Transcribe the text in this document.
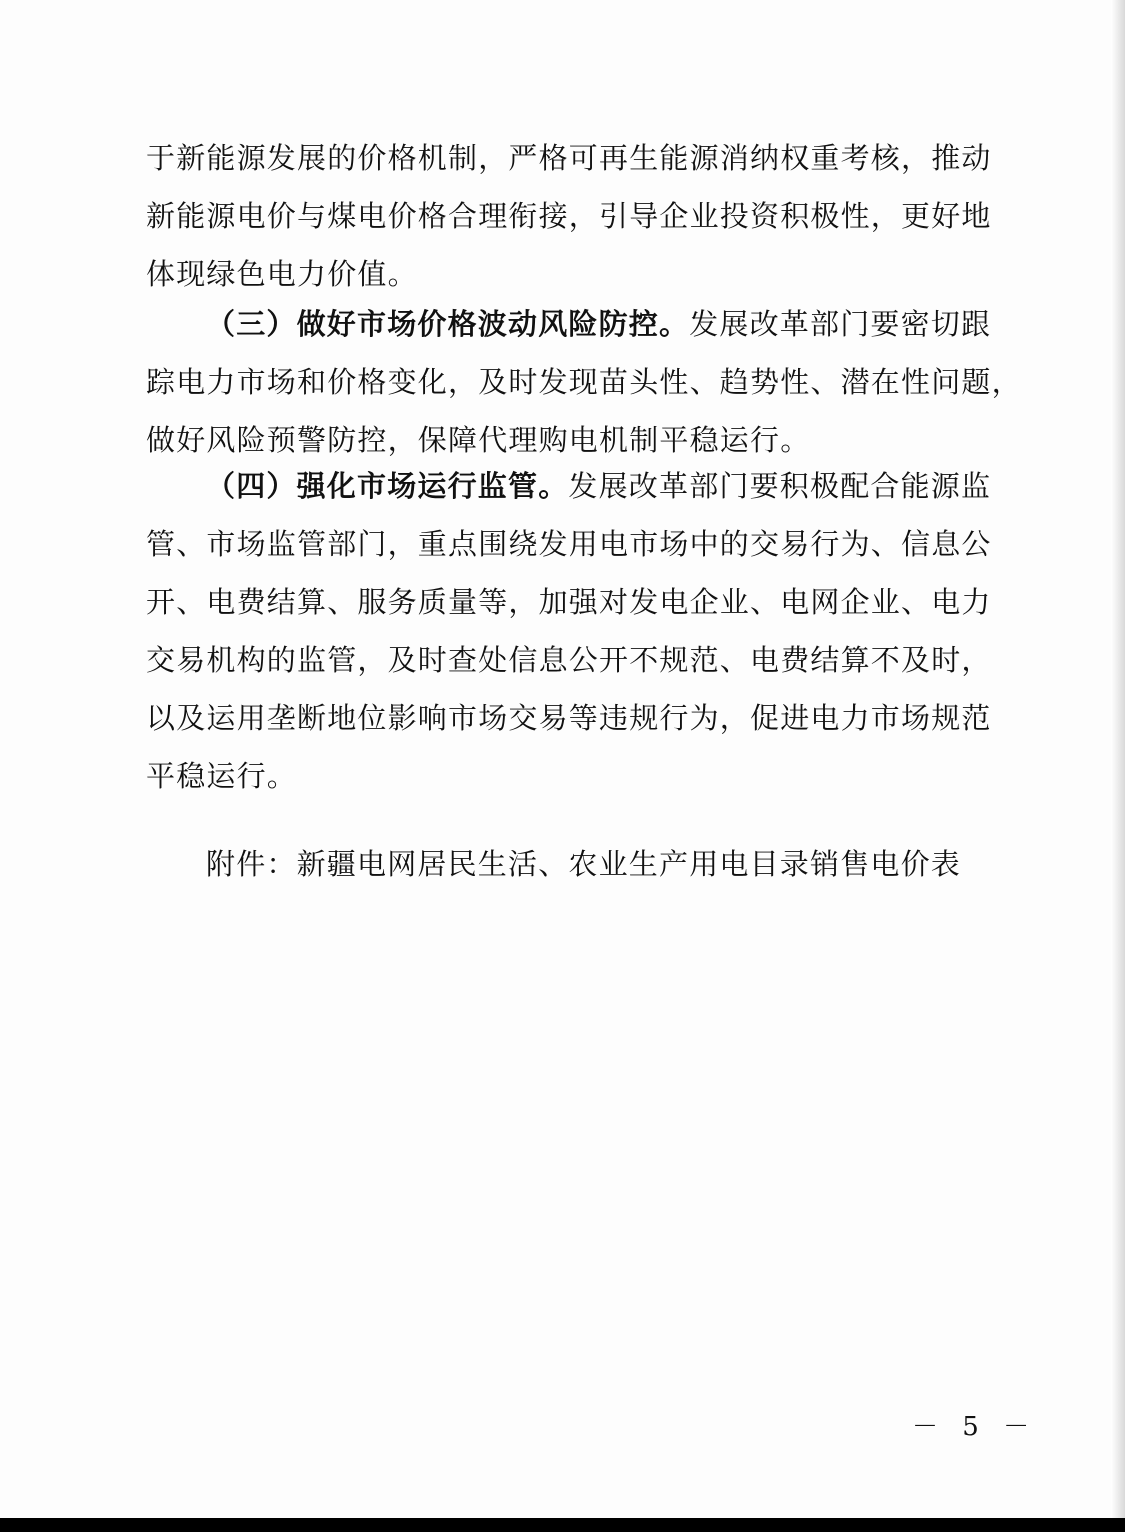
于新能源发展的价格机制，严格可再生能源消纳权重考核，推动
新能源电价与煤电价格合理衔接，引导企业投资积极性，更好地
体现绿色电力价值。
（三）做好市场价格波动风险防控。发展改革部门要密切跟
踪电力市场和价格变化，及时发现苗头性、趋势性、潜在性问题，
做好风险预警防控，保障代理购电机制平稳运行。
（四）强化市场运行监管。发展改革部门要积极配合能源监
管、市场监管部门，重点围绕发用电市场中的交易行为、信息公
开、电费结算、服务质量等，加强对发电企业、电网企业、电力
交易机构的监管，及时查处信息公开不规范、电费结算不及时，
以及运用垄断地位影响市场交易等违规行为，促进电力市场规范
平稳运行。
附件：新疆电网居民生活、农业生产用电目录销售电价表
－ 5 －
